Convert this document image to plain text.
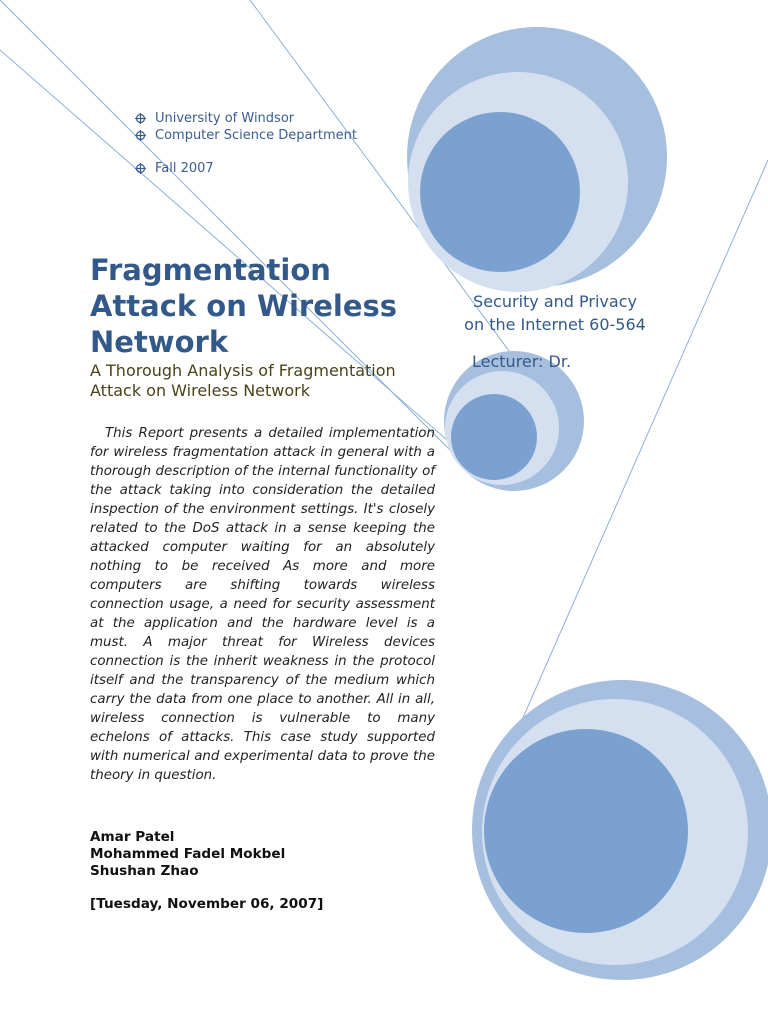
University of Windsor
Computer Science Department
Fall 2007
Fragmentation Attack on Wireless Network
A Thorough Analysis of Fragmentation Attack on Wireless Network
Security and Privacy
on the Internet 60-564
Lecturer: Dr.

This Report presents a detailed implementation for wireless fragmentation attack in general with a thorough description of the internal functionality of the attack taking into consideration the detailed inspection of the environment settings. It's closely related to the DoS attack in a sense keeping the attacked computer waiting for an absolutely nothing to be received As more and more computers are shifting towards wireless connection usage, a need for security assessment at the application and the hardware level is a must. A major threat for Wireless devices connection is the inherit weakness in the protocol itself and the transparency of the medium which carry the data from one place to another. All in all, wireless connection is vulnerable to many echelons of attacks. This case study supported with numerical and experimental data to prove the theory in question.

Amar Patel
Mohammed Fadel Mokbel
Shushan Zhao
[Tuesday, November 06, 2007]
